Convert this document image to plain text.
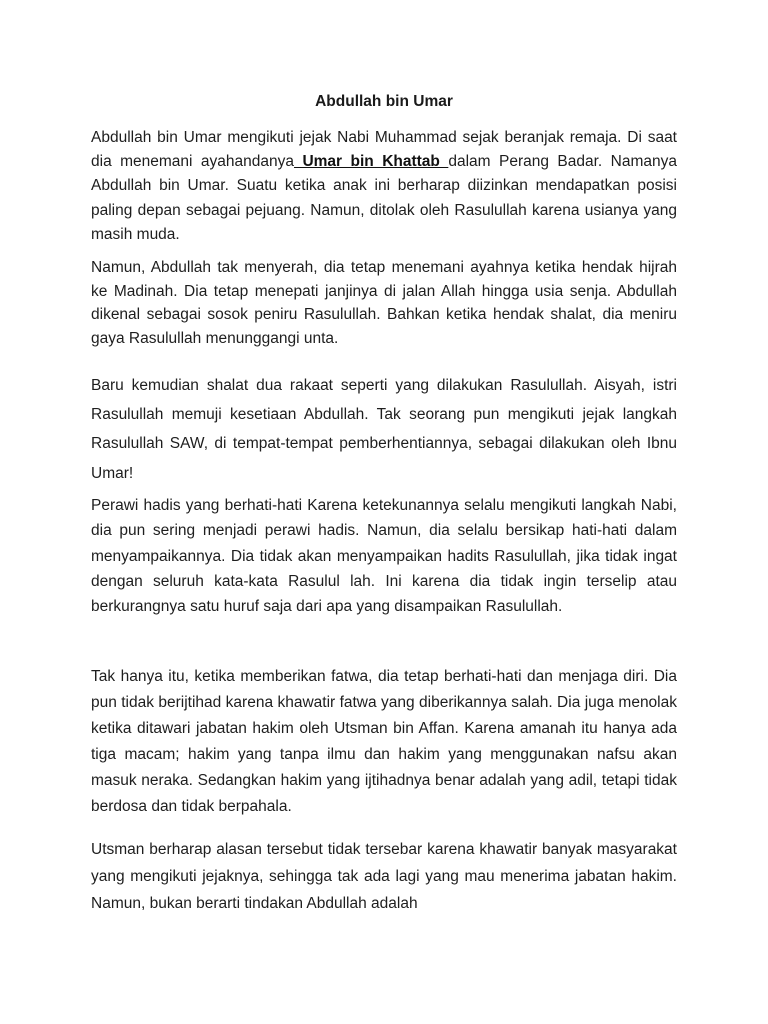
Abdullah bin Umar

Abdullah bin Umar mengikuti jejak Nabi Muhammad sejak beranjak remaja. Di saat dia menemani ayahandanya Umar bin Khattab dalam Perang Badar. Namanya Abdullah bin Umar. Suatu ketika anak ini berharap diizinkan mendapatkan posisi paling depan sebagai pejuang. Namun, ditolak oleh Rasulullah karena usianya yang masih muda.

Namun, Abdullah tak menyerah, dia tetap menemani ayahnya ketika hendak hijrah ke Madinah. Dia tetap menepati janjinya di jalan Allah hingga usia senja. Abdullah dikenal sebagai sosok peniru Rasulullah. Bahkan ketika hendak shalat, dia meniru gaya Rasulullah menunggangi unta.

Baru kemudian shalat dua rakaat seperti yang dilakukan Rasulullah. Aisyah, istri Rasulullah memuji kesetiaan Abdullah. Tak seorang pun mengikuti jejak langkah Rasulullah SAW, di tempat-tempat pemberhentiannya, sebagai dilakukan oleh Ibnu Umar!

Perawi hadis yang berhati-hati Karena ketekunannya selalu mengikuti langkah Nabi, dia pun sering menjadi perawi hadis. Namun, dia selalu bersikap hati-hati dalam menyampaikannya. Dia tidak akan menyampaikan hadits Rasulullah, jika tidak ingat dengan seluruh kata-kata Rasulul lah. Ini karena dia tidak ingin terselip atau berkurangnya satu huruf saja dari apa yang disampaikan Rasulullah.

Tak hanya itu, ketika memberikan fatwa, dia tetap berhati-hati dan menjaga diri. Dia pun tidak berijtihad karena khawatir fatwa yang diberikannya salah. Dia juga menolak ketika ditawari jabatan hakim oleh Utsman bin Affan. Karena amanah itu hanya ada tiga macam; hakim yang tanpa ilmu dan hakim yang menggunakan nafsu akan masuk neraka. Sedangkan hakim yang ijtihadnya benar adalah yang adil, tetapi tidak berdosa dan tidak berpahala.

Utsman berharap alasan tersebut tidak tersebar karena khawatir banyak masyarakat yang mengikuti jejaknya, sehingga tak ada lagi yang mau menerima jabatan hakim. Namun, bukan berarti tindakan Abdullah adalah
